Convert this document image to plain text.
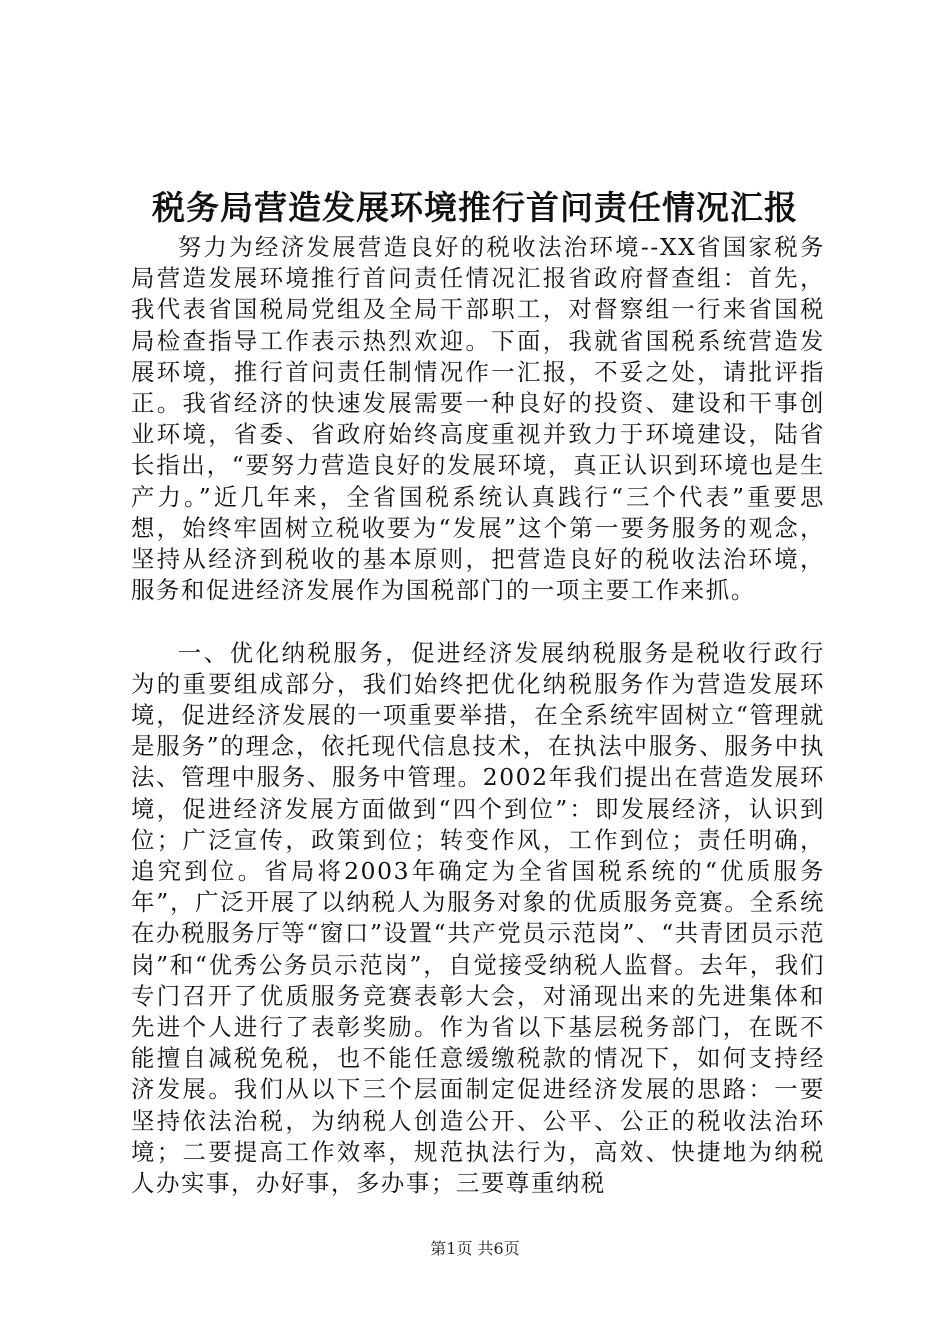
税务局营造发展环境推行首问责任情况汇报

努力为经济发展营造良好的税收法治环境--XX省国家税务局营造发展环境推行首问责任情况汇报省政府督查组：首先，我代表省国税局党组及全局干部职工，对督察组一行来省国税局检查指导工作表示热烈欢迎。下面，我就省国税系统营造发展环境，推行首问责任制情况作一汇报，不妥之处，请批评指正。我省经济的快速发展需要一种良好的投资、建设和干事创业环境，省委、省政府始终高度重视并致力于环境建设，陆省长指出，“要努力营造良好的发展环境，真正认识到环境也是生产力。”近几年来，全省国税系统认真践行“三个代表”重要思想，始终牢固树立税收要为“发展”这个第一要务服务的观念，坚持从经济到税收的基本原则，把营造良好的税收法治环境，服务和促进经济发展作为国税部门的一项主要工作来抓。

一、优化纳税服务，促进经济发展纳税服务是税收行政行为的重要组成部分，我们始终把优化纳税服务作为营造发展环境，促进经济发展的一项重要举措，在全系统牢固树立“管理就是服务”的理念，依托现代信息技术，在执法中服务、服务中执法、管理中服务、服务中管理。2002年我们提出在营造发展环境，促进经济发展方面做到“四个到位”：即发展经济，认识到位；广泛宣传，政策到位；转变作风，工作到位；责任明确，追究到位。省局将2003年确定为全省国税系统的“优质服务年”，广泛开展了以纳税人为服务对象的优质服务竞赛。全系统在办税服务厅等“窗口”设置“共产党员示范岗”、“共青团员示范岗”和“优秀公务员示范岗”，自觉接受纳税人监督。去年，我们专门召开了优质服务竞赛表彰大会，对涌现出来的先进集体和先进个人进行了表彰奖励。作为省以下基层税务部门，在既不能擅自减税免税，也不能任意缓缴税款的情况下，如何支持经济发展。我们从以下三个层面制定促进经济发展的思路：一要坚持依法治税，为纳税人创造公开、公平、公正的税收法治环境；二要提高工作效率，规范执法行为，高效、快捷地为纳税人办实事，办好事，多办事；三要尊重纳税

第1页 共6页
